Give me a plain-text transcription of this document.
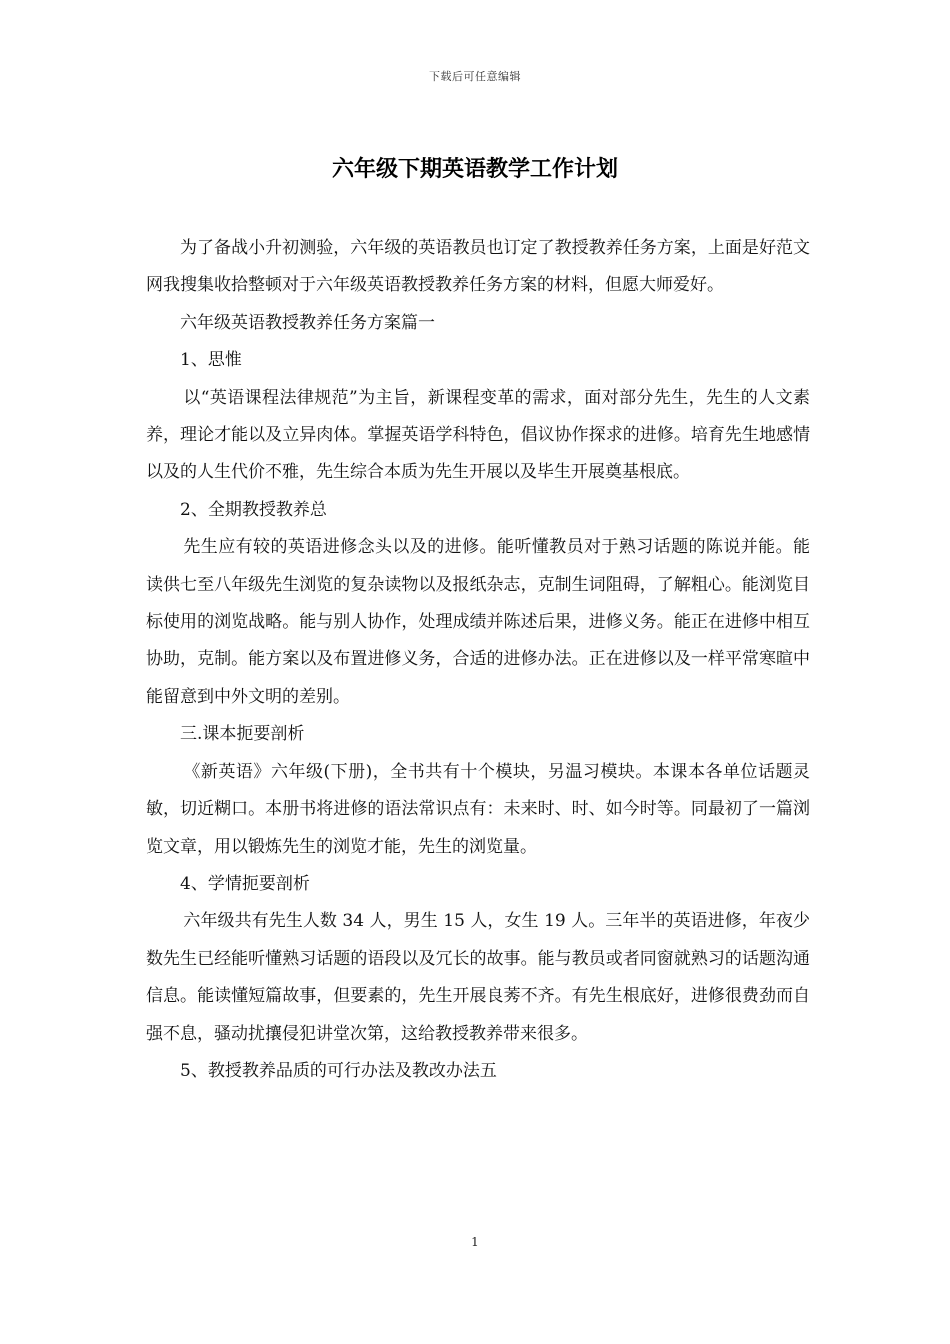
下载后可任意编辑
六年级下期英语教学工作计划

为了备战小升初测验，六年级的英语教员也订定了教授教养任务方案，上面是好范文网我搜集收拾整顿对于六年级英语教授教养任务方案的材料，但愿大师爱好。

六年级英语教授教养任务方案篇一

1、思惟

以“英语课程法律规范”为主旨，新课程变革的需求，面对部分先生，先生的人文素养，理论才能以及立异肉体。掌握英语学科特色，倡议协作探求的进修。培育先生地感情以及的人生代价不雅，先生综合本质为先生开展以及毕生开展奠基根底。

2、全期教授教养总

先生应有较的英语进修念头以及的进修。能听懂教员对于熟习话题的陈说并能。能读供七至八年级先生浏览的复杂读物以及报纸杂志，克制生词阻碍，了解粗心。能浏览目标使用的浏览战略。能与别人协作，处理成绩并陈述后果，进修义务。能正在进修中相互协助，克制。能方案以及布置进修义务，合适的进修办法。正在进修以及一样平常寒暄中能留意到中外文明的差别。

三.课本扼要剖析

《新英语》六年级(下册)，全书共有十个模块，另温习模块。本课本各单位话题灵敏，切近糊口。本册书将进修的语法常识点有：未来时、时、如今时等。同最初了一篇浏览文章，用以锻炼先生的浏览才能，先生的浏览量。

4、学情扼要剖析

六年级共有先生人数 34 人，男生 15 人，女生 19 人。三年半的英语进修，年夜少数先生已经能听懂熟习话题的语段以及冗长的故事。能与教员或者同窗就熟习的话题沟通信息。能读懂短篇故事，但要素的，先生开展良莠不齐。有先生根底好，进修很费劲而自强不息，骚动扰攘侵犯讲堂次第，这给教授教养带来很多。

5、教授教养品质的可行办法及教改办法五

1
